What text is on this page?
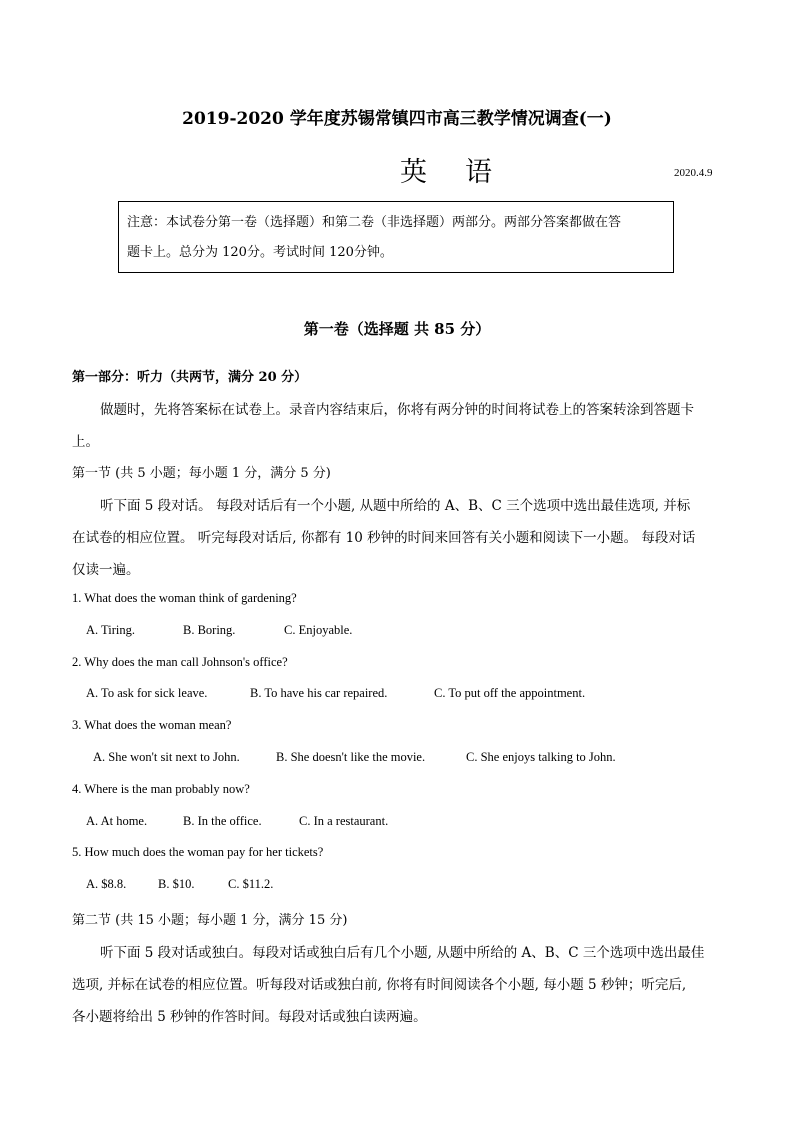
2019-2020 学年度苏锡常镇四市高三教学情况调查(一)
英语	2020.4.9
注意：本试卷分第一卷（选择题）和第二卷（非选择题）两部分。两部分答案都做在答
题卡上。总分为 120分。考试时间 120分钟。
第一卷（选择题 共 85 分）
第一部分：听力（共两节，满分 20 分）
做题时，先将答案标在试卷上。录音内容结束后，你将有两分钟的时间将试卷上的答案转涂到答题卡
上。
第一节 (共 5 小题；每小题 1 分，满分 5 分)
听下面 5 段对话。 每段对话后有一个小题, 从题中所给的 A、B、C 三个选项中选出最佳选项, 并标
在试卷的相应位置。 听完每段对话后, 你都有 10 秒钟的时间来回答有关小题和阅读下一小题。 每段对话
仅读一遍。
1. What does the woman think of gardening?
A. Tiring.	B. Boring.	C. Enjoyable.
2. Why does the man call Johnson's office?
A. To ask for sick leave.	B. To have his car repaired.	C. To put off the appointment.
3. What does the woman mean?
A. She won't sit next to John.	B. She doesn't like the movie.	C. She enjoys talking to John.
4. Where is the man probably now?
A. At home.	B. In the office.	C. In a restaurant.
5. How much does the woman pay for her tickets?
A. $8.8.	B. $10.	C. $11.2.
第二节 (共 15 小题；每小题 1 分，满分 15 分)
听下面 5 段对话或独白。每段对话或独白后有几个小题, 从题中所给的 A、B、C 三个选项中选出最佳
选项, 并标在试卷的相应位置。听每段对话或独白前, 你将有时间阅读各个小题, 每小题 5 秒钟；听完后,
各小题将给出 5 秒钟的作答时间。每段对话或独白读两遍。
